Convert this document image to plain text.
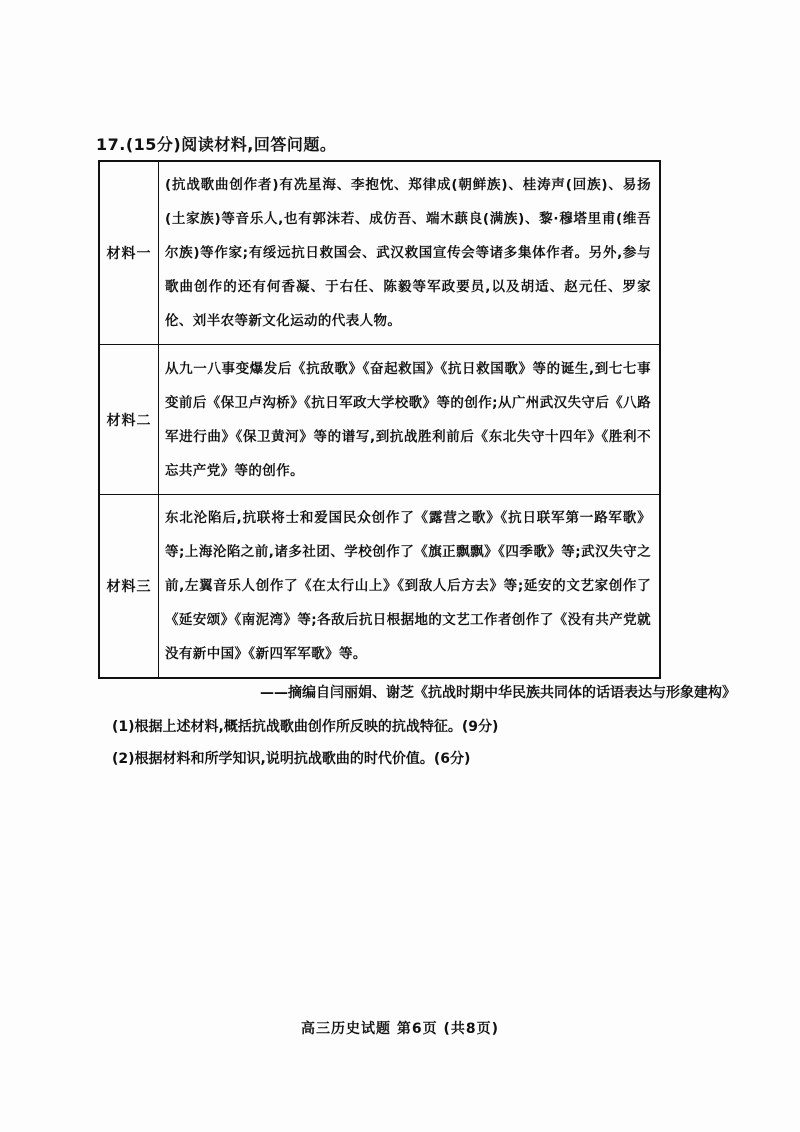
17.(15分)阅读材料,回答问题。
材料一	(抗战歌曲创作者)有冼星海、李抱忱、郑律成(朝鲜族)、桂涛声(回族)、易扬(土家族)等音乐人,也有郭沫若、成仿吾、端木蕻良(满族)、黎·穆塔里甫(维吾尔族)等作家;有绥远抗日救国会、武汉救国宣传会等诸多集体作者。另外,参与歌曲创作的还有何香凝、于右任、陈毅等军政要员,以及胡适、赵元任、罗家伦、刘半农等新文化运动的代表人物。
材料二	从九一八事变爆发后《抗敌歌》《奋起救国》《抗日救国歌》等的诞生,到七七事变前后《保卫卢沟桥》《抗日军政大学校歌》等的创作;从广州武汉失守后《八路军进行曲》《保卫黄河》等的谱写,到抗战胜利前后《东北失守十四年》《胜利不忘共产党》等的创作。
材料三	东北沦陷后,抗联将士和爱国民众创作了《露营之歌》《抗日联军第一路军歌》等;上海沦陷之前,诸多社团、学校创作了《旗正飘飘》《四季歌》等;武汉失守之前,左翼音乐人创作了《在太行山上》《到敌人后方去》等;延安的文艺家创作了《延安颂》《南泥湾》等;各敌后抗日根据地的文艺工作者创作了《没有共产党就没有新中国》《新四军军歌》等。
——摘编自闫丽娟、谢芝《抗战时期中华民族共同体的话语表达与形象建构》
(1)根据上述材料,概括抗战歌曲创作所反映的抗战特征。(9分)
(2)根据材料和所学知识,说明抗战歌曲的时代价值。(6分)
高三历史试题 第6页 (共8页)
